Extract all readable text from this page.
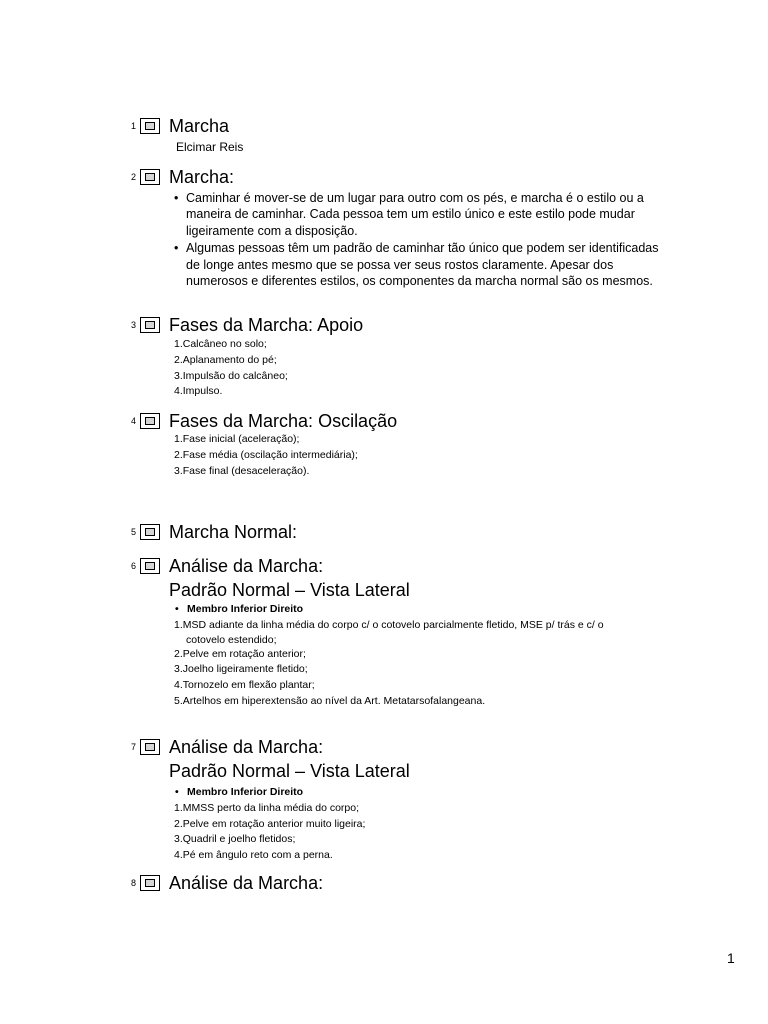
1 Marcha
Elcimar Reis
2 Marcha:
• Caminhar é mover-se de um lugar para outro com os pés, e marcha é o estilo ou a maneira de caminhar. Cada pessoa tem um estilo único e este estilo pode mudar ligeiramente com a disposição.
• Algumas pessoas têm um padrão de caminhar tão único que podem ser identificadas de longe antes mesmo que se possa ver seus rostos claramente. Apesar dos numerosos e diferentes estilos, os componentes da marcha normal são os mesmos.
3 Fases da Marcha: Apoio
1.Calcâneo no solo;
2.Aplanamento do pé;
3.Impulsão do calcâneo;
4.Impulso.
4 Fases da Marcha: Oscilação
1.Fase inicial (aceleração);
2.Fase média (oscilação intermediária);
3.Fase final (desaceleração).
5 Marcha Normal:
6 Análise da Marcha:
Padrão Normal – Vista Lateral
• Membro Inferior Direito
1.MSD adiante da linha média do corpo c/ o cotovelo parcialmente fletido, MSE p/ trás e c/ o
cotovelo estendido;
2.Pelve em rotação anterior;
3.Joelho ligeiramente fletido;
4.Tornozelo em flexão plantar;
5.Artelhos em hiperextensão ao nível da Art. Metatarsofalangeana.
7 Análise da Marcha:
Padrão Normal – Vista Lateral
• Membro Inferior Direito
1.MMSS perto da linha média do corpo;
2.Pelve em rotação anterior muito ligeira;
3.Quadril e joelho fletidos;
4.Pé em ângulo reto com a perna.
8 Análise da Marcha:
1
